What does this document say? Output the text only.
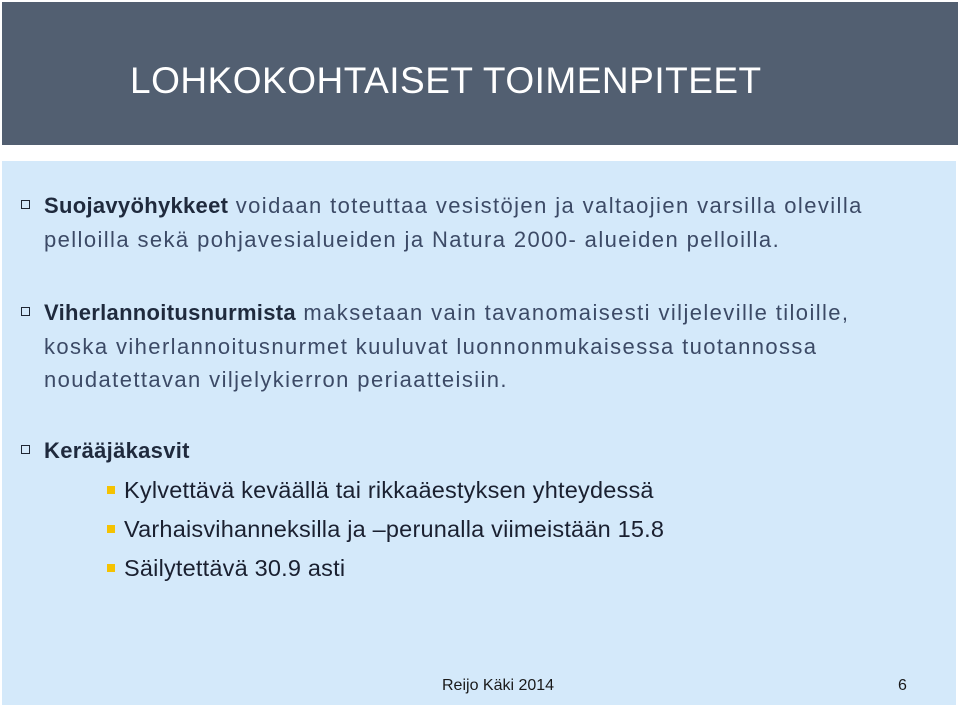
LOHKOKOHTAISET TOIMENPITEET

Suojavyöhykkeet voidaan toteuttaa vesistöjen ja valtaojien varsilla olevilla pelloilla sekä pohjavesialueiden ja Natura 2000- alueiden pelloilla.

Viherlannoitusnurmista maksetaan vain tavanomaisesti viljeleville tiloille, koska viherlannoitusnurmet kuuluvat luonnonmukaisessa tuotannossa noudatettavan viljelykierron periaatteisiin.

Kerääjäkasvit

Kylvettävä keväällä tai rikkaäestyksen yhteydessä

Varhaisvihanneksilla ja –perunalla viimeistään 15.8

Säilytettävä 30.9 asti

Reijo Käki 2014	6
